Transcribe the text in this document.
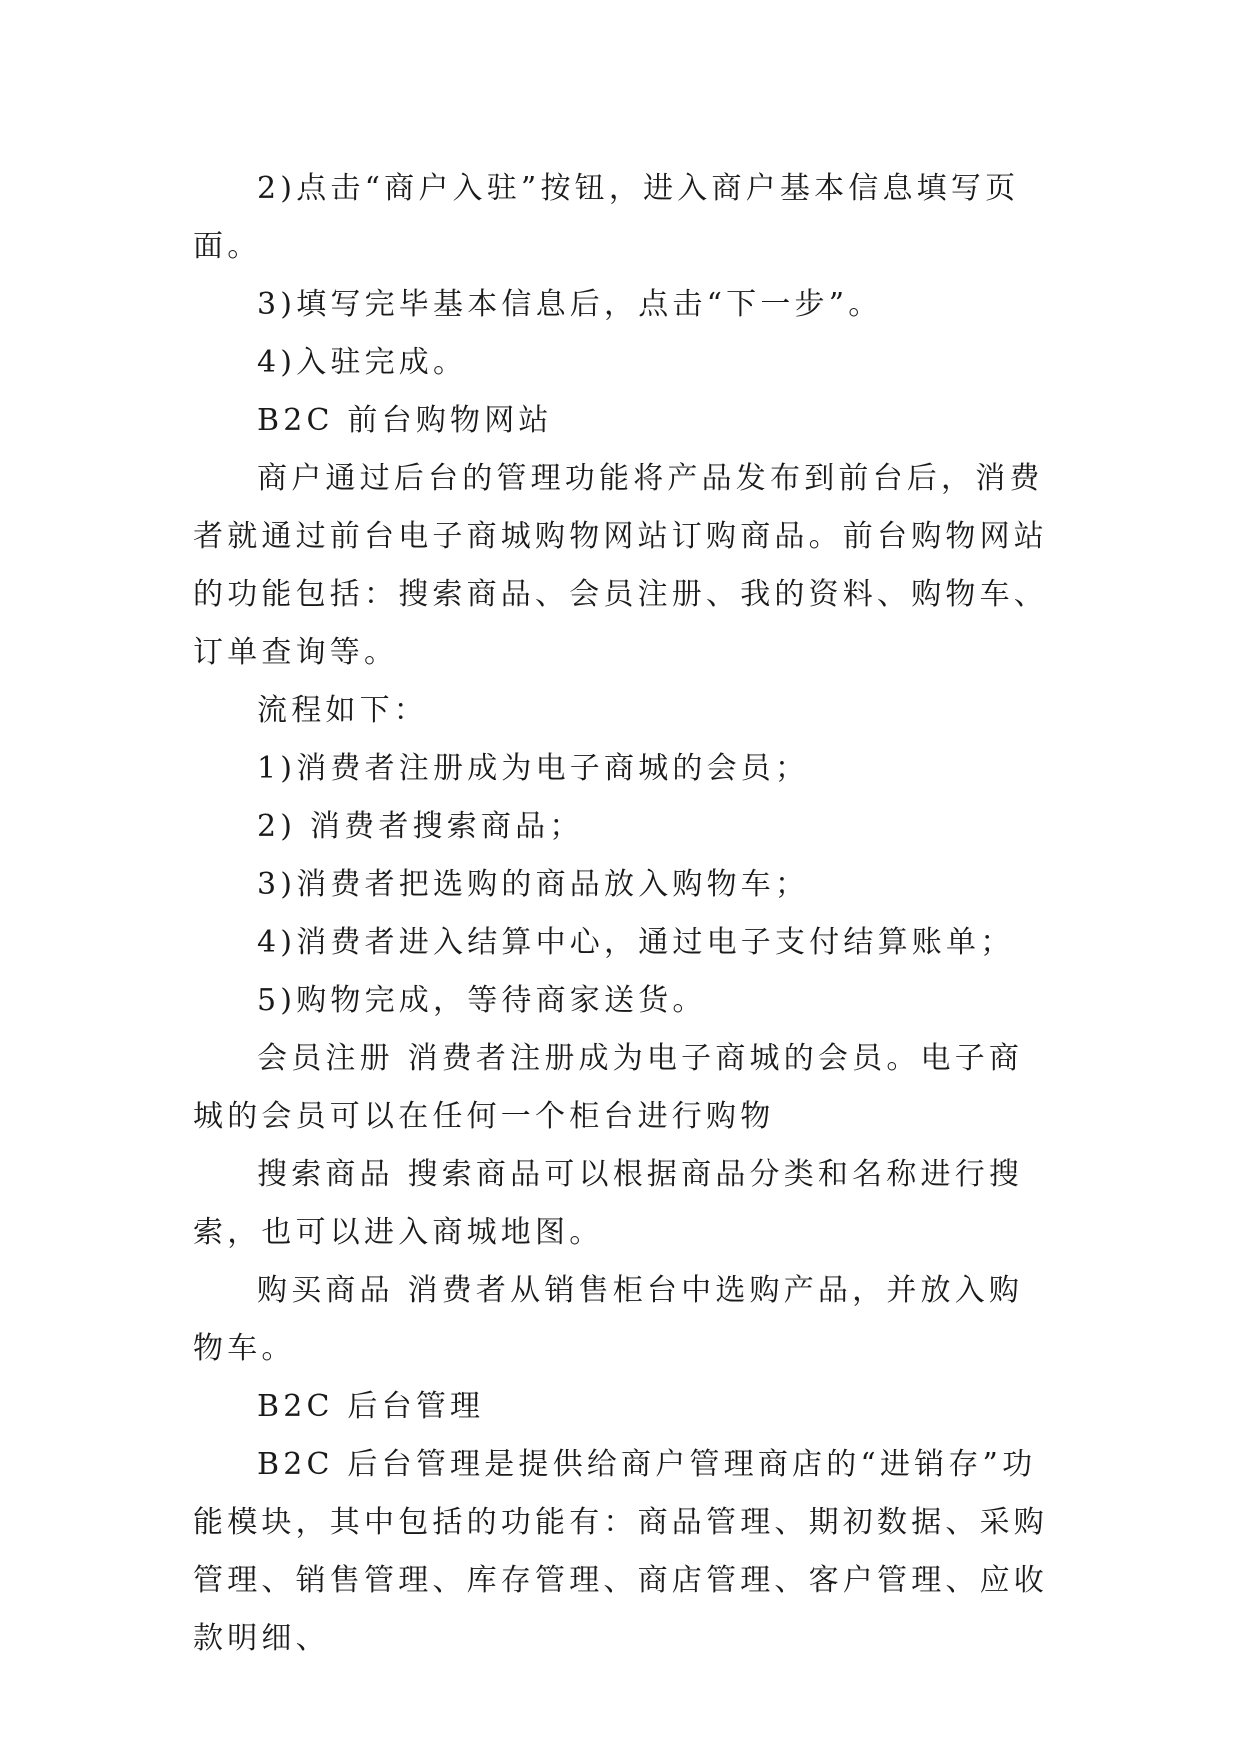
2)点击“商户入驻”按钮，进入商户基本信息填写页面。

3)填写完毕基本信息后，点击“下一步”。

4)入驻完成。

B2C 前台购物网站

商户通过后台的管理功能将产品发布到前台后，消费者就通过前台电子商城购物网站订购商品。前台购物网站的功能包括：搜索商品、会员注册、我的资料、购物车、订单查询等。

流程如下：

1)消费者注册成为电子商城的会员；

2) 消费者搜索商品；

3)消费者把选购的商品放入购物车；

4)消费者进入结算中心，通过电子支付结算账单；

5)购物完成，等待商家送货。

会员注册 消费者注册成为电子商城的会员。电子商城的会员可以在任何一个柜台进行购物

搜索商品 搜索商品可以根据商品分类和名称进行搜索，也可以进入商城地图。

购买商品 消费者从销售柜台中选购产品，并放入购物车。

B2C 后台管理

B2C 后台管理是提供给商户管理商店的“进销存”功能模块，其中包括的功能有：商品管理、期初数据、采购管理、销售管理、库存管理、商店管理、客户管理、应收款明细、
